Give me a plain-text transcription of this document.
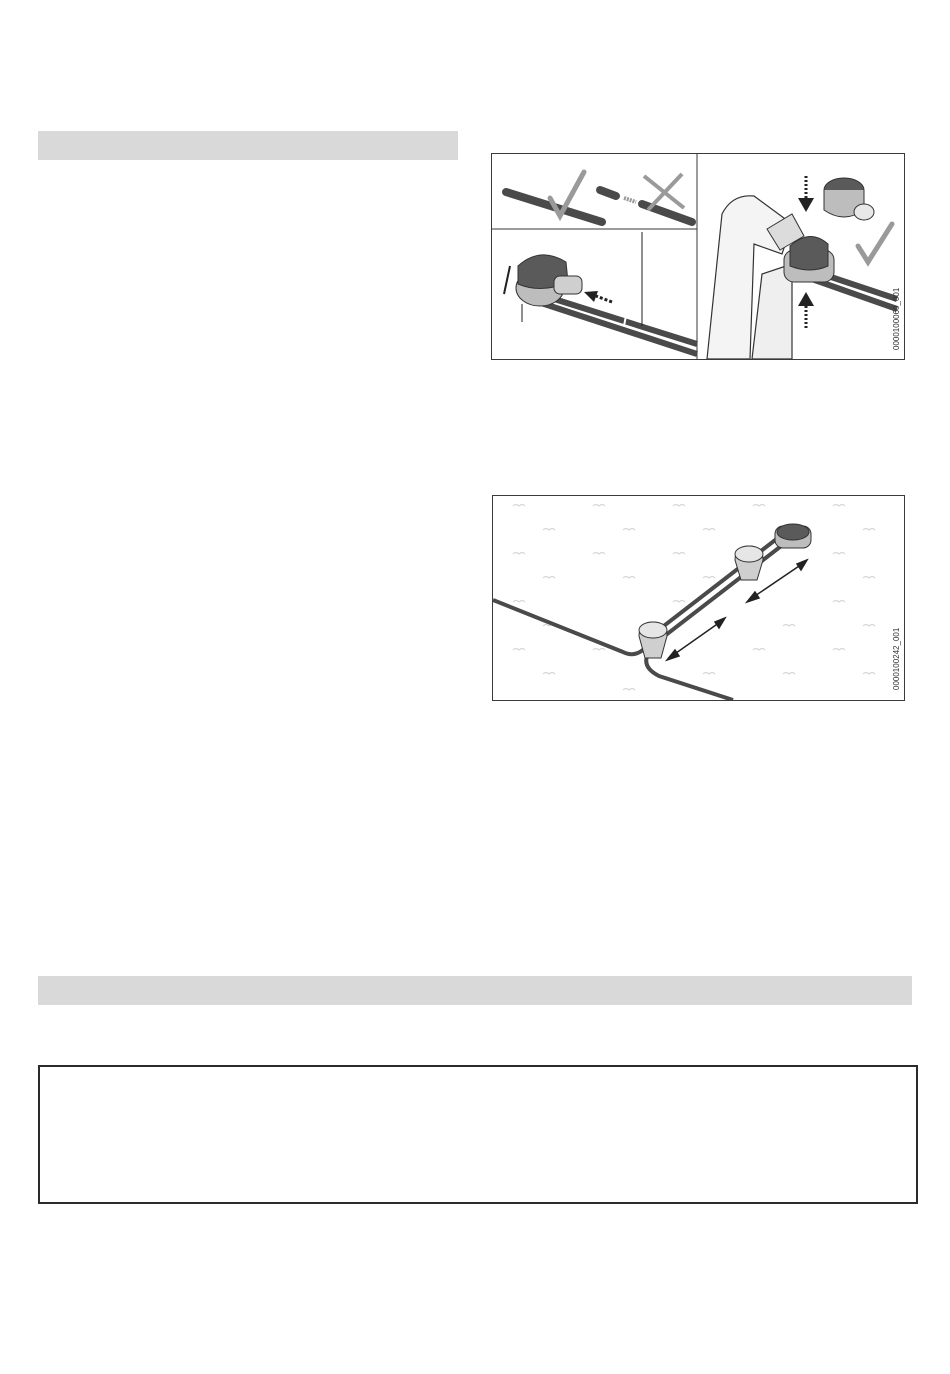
0000100060_001
0000100242_001
